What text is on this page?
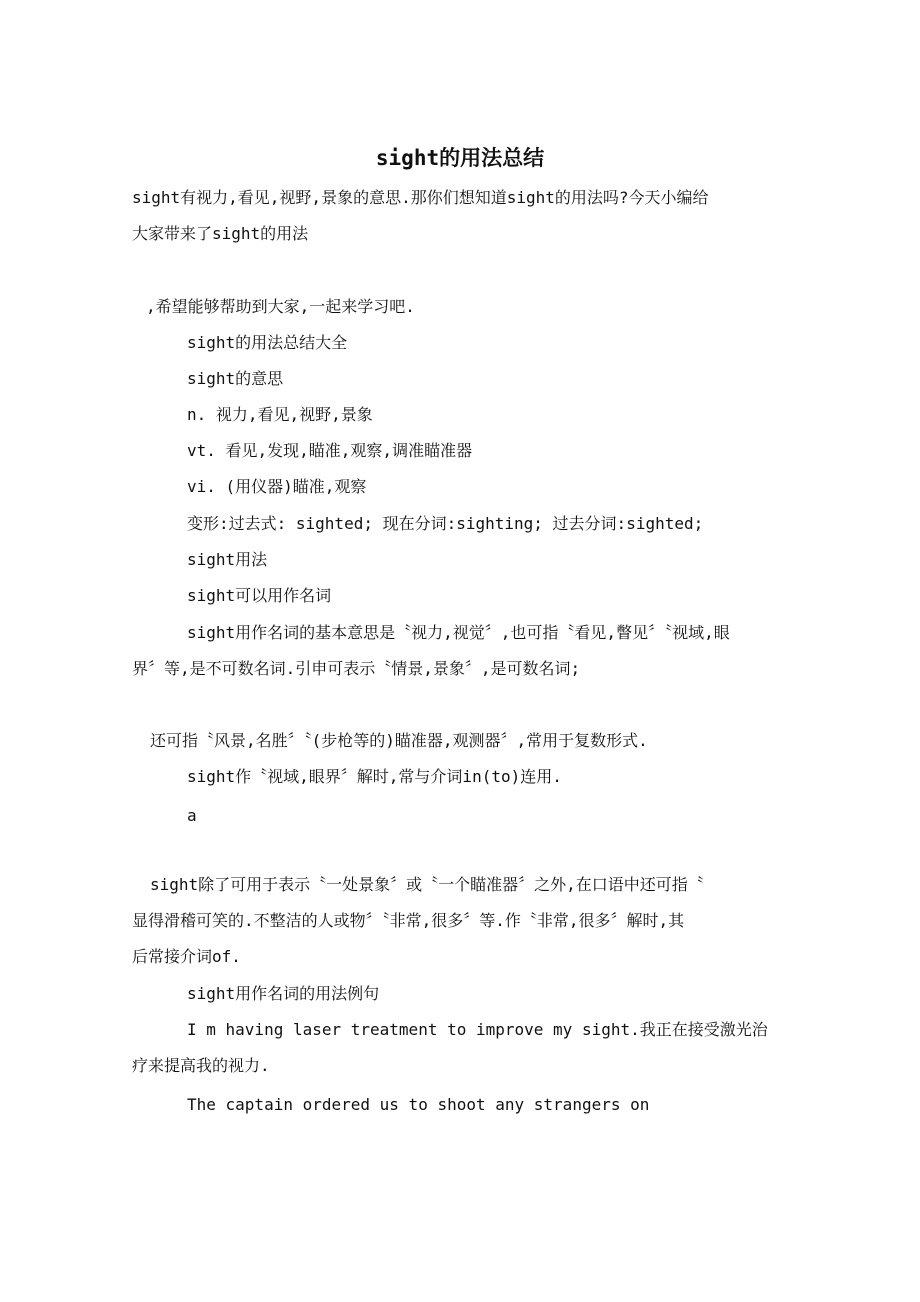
sight的用法总结
sight有视力,看见,视野,景象的意思.那你们想知道sight的用法吗?今天小编给
大家带来了sight的用法
,希望能够帮助到大家,一起来学习吧.
sight的用法总结大全
sight的意思
n. 视力,看见,视野,景象
vt. 看见,发现,瞄准,观察,调准瞄准器
vi. (用仪器)瞄准,观察
变形:过去式: sighted; 现在分词:sighting; 过去分词:sighted;
sight用法
sight可以用作名词
sight用作名词的基本意思是〝视力,视觉〞,也可指〝看见,瞥见〞〝视域,眼
界〞等,是不可数名词.引申可表示〝情景,景象〞,是可数名词;
还可指〝风景,名胜〞〝(步枪等的)瞄准器,观测器〞,常用于复数形式.
sight作〝视域,眼界〞解时,常与介词in(to)连用.
a
sight除了可用于表示〝一处景象〞或〝一个瞄准器〞之外,在口语中还可指〝
显得滑稽可笑的.不整洁的人或物〞〝非常,很多〞等.作〝非常,很多〞解时,其
后常接介词of.
sight用作名词的用法例句
I m having laser treatment to improve my sight.我正在接受激光治
疗来提高我的视力.
The captain ordered us to shoot any strangers on
